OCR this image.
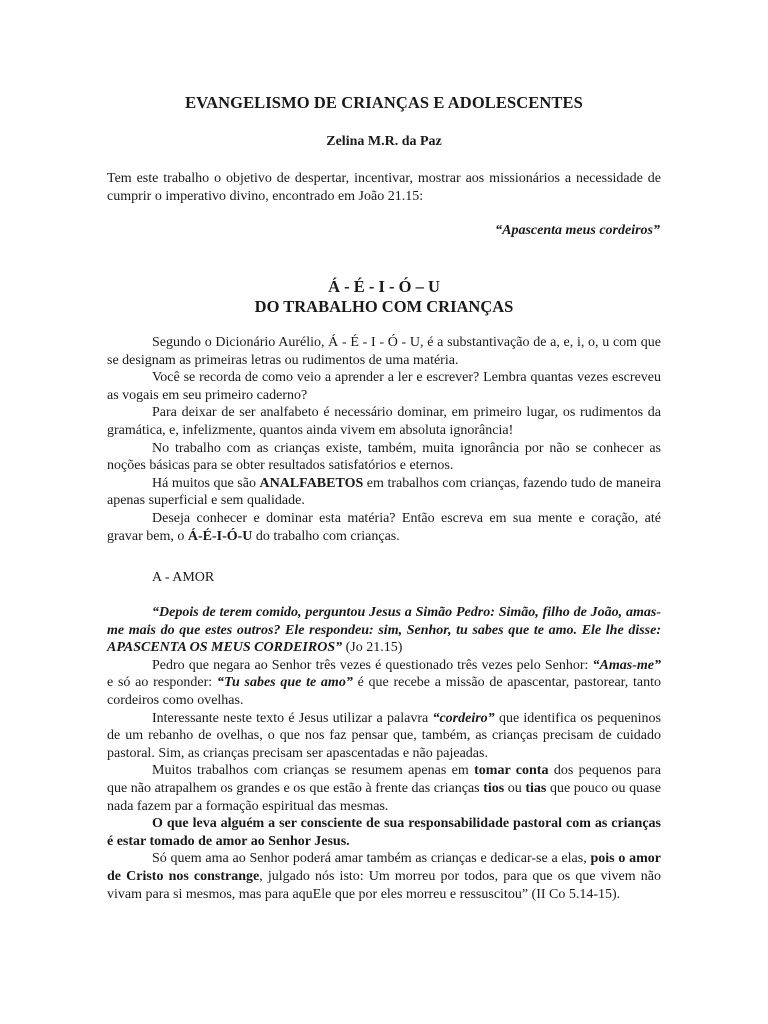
EVANGELISMO DE CRIANÇAS E ADOLESCENTES
Zelina M.R. da Paz

Tem este trabalho o objetivo de despertar, incentivar, mostrar aos missionários a necessidade de cumprir o imperativo divino, encontrado em João 21.15:

“Apascenta meus cordeiros”
Á - É - I - Ó – U
DO TRABALHO COM CRIANÇAS

Segundo o Dicionário Aurélio, Á - É - I - Ó - U, é a substantivação de a, e, i, o, u com que se designam as primeiras letras ou rudimentos de uma matéria.

Você se recorda de como veio a aprender a ler e escrever? Lembra quantas vezes escreveu as vogais em seu primeiro caderno?

Para deixar de ser analfabeto é necessário dominar, em primeiro lugar, os rudimentos da gramática, e, infelizmente, quantos ainda vivem em absoluta ignorância!

No trabalho com as crianças existe, também, muita ignorância por não se conhecer as noções básicas para se obter resultados satisfatórios e eternos.

Há muitos que são ANALFABETOS em trabalhos com crianças, fazendo tudo de maneira apenas superficial e sem qualidade.

Deseja conhecer e dominar esta matéria? Então escreva em sua mente e coração, até gravar bem, o Á-É-I-Ó-U do trabalho com crianças.

A - AMOR

“Depois de terem comido, perguntou Jesus a Simão Pedro: Simão, filho de João, amas-me mais do que estes outros? Ele respondeu: sim, Senhor, tu sabes que te amo. Ele lhe disse: APASCENTA OS MEUS CORDEIROS” (Jo 21.15)

Pedro que negara ao Senhor três vezes é questionado três vezes pelo Senhor: “Amas-me” e só ao responder: “Tu sabes que te amo” é que recebe a missão de apascentar, pastorear, tanto cordeiros como ovelhas.

Interessante neste texto é Jesus utilizar a palavra “cordeiro” que identifica os pequeninos de um rebanho de ovelhas, o que nos faz pensar que, também, as crianças precisam de cuidado pastoral. Sim, as crianças precisam ser apascentadas e não pajeadas.

Muitos trabalhos com crianças se resumem apenas em tomar conta dos pequenos para que não atrapalhem os grandes e os que estão à frente das crianças tios ou tias que pouco ou quase nada fazem par a formação espiritual das mesmas.

O que leva alguém a ser consciente de sua responsabilidade pastoral com as crianças é estar tomado de amor ao Senhor Jesus.

Só quem ama ao Senhor poderá amar também as crianças e dedicar-se a elas, pois o amor de Cristo nos constrange, julgado nós isto: Um morreu por todos, para que os que vivem não vivam para si mesmos, mas para aquEle que por eles morreu e ressuscitou” (II Co 5.14-15).
